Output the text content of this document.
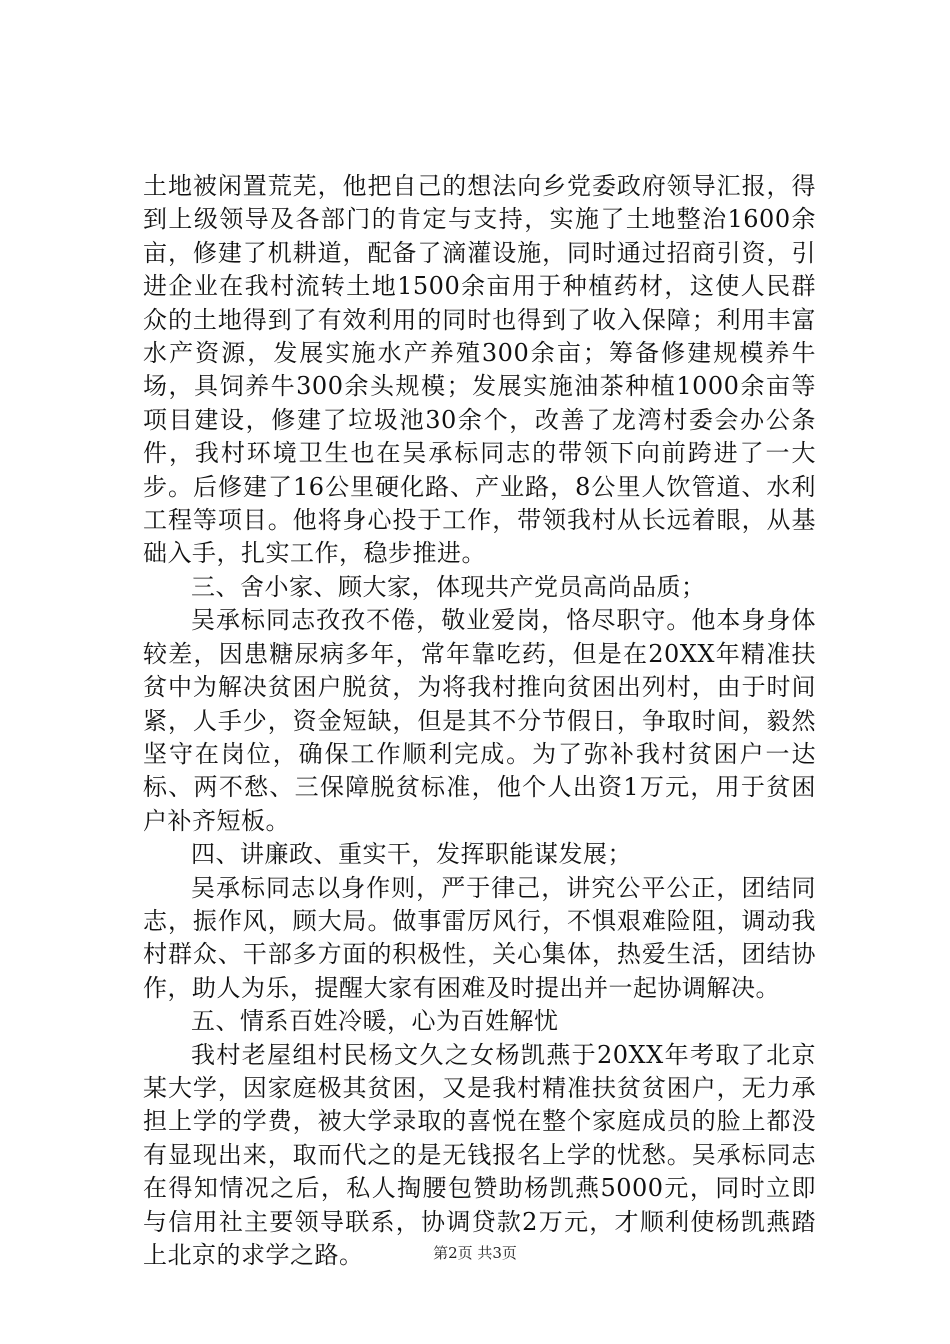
土地被闲置荒芜，他把自己的想法向乡党委政府领导汇报，得到上级领导及各部门的肯定与支持，实施了土地整治1600余亩，修建了机耕道，配备了滴灌设施，同时通过招商引资，引进企业在我村流转土地1500余亩用于种植药材，这使人民群众的土地得到了有效利用的同时也得到了收入保障；利用丰富水产资源，发展实施水产养殖300余亩；筹备修建规模养牛场，具饲养牛300余头规模；发展实施油茶种植1000余亩等项目建设，修建了垃圾池30余个，改善了龙湾村委会办公条件，我村环境卫生也在吴承标同志的带领下向前跨进了一大步。后修建了16公里硬化路、产业路，8公里人饮管道、水利工程等项目。他将身心投于工作，带领我村从长远着眼，从基础入手，扎实工作，稳步推进。

三、舍小家、顾大家，体现共产党员高尚品质；

吴承标同志孜孜不倦，敬业爱岗，恪尽职守。他本身身体较差，因患糖尿病多年，常年靠吃药，但是在20XX年精准扶贫中为解决贫困户脱贫，为将我村推向贫困出列村，由于时间紧，人手少，资金短缺，但是其不分节假日，争取时间，毅然坚守在岗位，确保工作顺利完成。为了弥补我村贫困户一达标、两不愁、三保障脱贫标准，他个人出资1万元，用于贫困户补齐短板。

四、讲廉政、重实干，发挥职能谋发展；

吴承标同志以身作则，严于律己，讲究公平公正，团结同志，振作风，顾大局。做事雷厉风行，不惧艰难险阻，调动我村群众、干部多方面的积极性，关心集体，热爱生活，团结协作，助人为乐，提醒大家有困难及时提出并一起协调解决。

五、情系百姓冷暖，心为百姓解忧

我村老屋组村民杨文久之女杨凯燕于20XX年考取了北京某大学，因家庭极其贫困，又是我村精准扶贫贫困户，无力承担上学的学费，被大学录取的喜悦在整个家庭成员的脸上都没有显现出来，取而代之的是无钱报名上学的忧愁。吴承标同志在得知情况之后，私人掏腰包赞助杨凯燕5000元，同时立即与信用社主要领导联系，协调贷款2万元，才顺利使杨凯燕踏上北京的求学之路。	第2页 共3页
